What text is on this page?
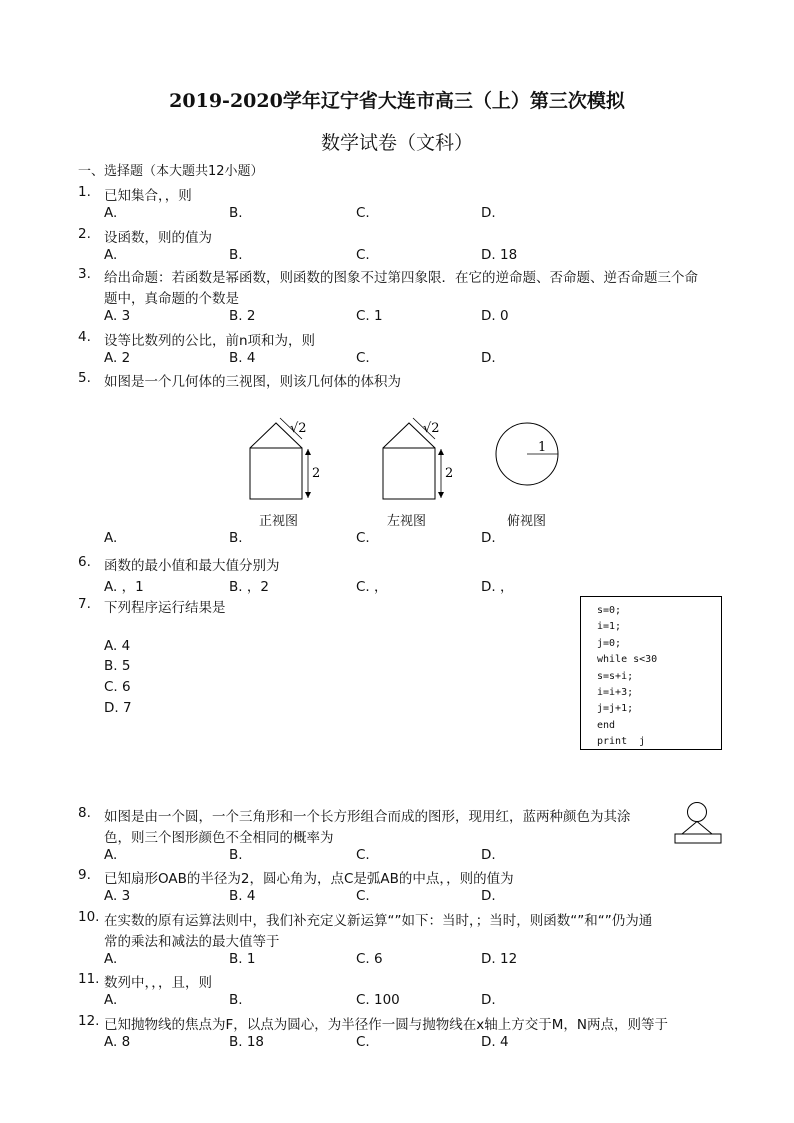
2019-2020学年辽宁省大连市高三（上）第三次模拟
数学试卷（文科）
一、选择题（本大题共12小题）
1. 已知集合，，则
A.	B.	C.	D.
2. 设函数，则的值为
A.	B.	C.	D. 18
3. 给出命题：若函数是幂函数，则函数的图象不过第四象限．在它的逆命题、否命题、逆否命题三个命
题中，真命题的个数是
A. 3	B. 2	C. 1	D. 0
4. 设等比数列的公比，前n项和为，则
A. 2	B. 4	C.	D.
5. 如图是一个几何体的三视图，则该几何体的体积为
A.	B.	C.	D.
6. 函数的最小值和最大值分别为
A. ，1	B. ，2	C. ，	D. ，
7. 下列程序运行结果是
A. 4
B. 5
C. 6
D. 7
8. 如图是由一个圆，一个三角形和一个长方形组合而成的图形，现用红，蓝两种颜色为其涂
色，则三个图形颜色不全相同的概率为
A.	B.	C.	D.
9. 已知扇形OAB的半径为2，圆心角为，点C是弧AB的中点，，则的值为
A. 3	B. 4	C.	D.
10. 在实数的原有运算法则中，我们补充定义新运算“”如下：当时，；当时，则函数“”和“”仍为通
常的乘法和减法的最大值等于
A.	B. 1	C. 6	D. 12
11. 数列中，，，且，则
A.	B.	C. 100	D.
12. 已知抛物线的焦点为F，以点为圆心，为半径作一圆与抛物线在x轴上方交于M，N两点，则等于
A. 8	B. 18	C.	D. 4
√2
2
√2
2
1
正视图	左视图	俯视图
s=0;
i=1;
j=0;
while s<30
s=s+i;
i=i+3;
j=j+1;
end
print  j
